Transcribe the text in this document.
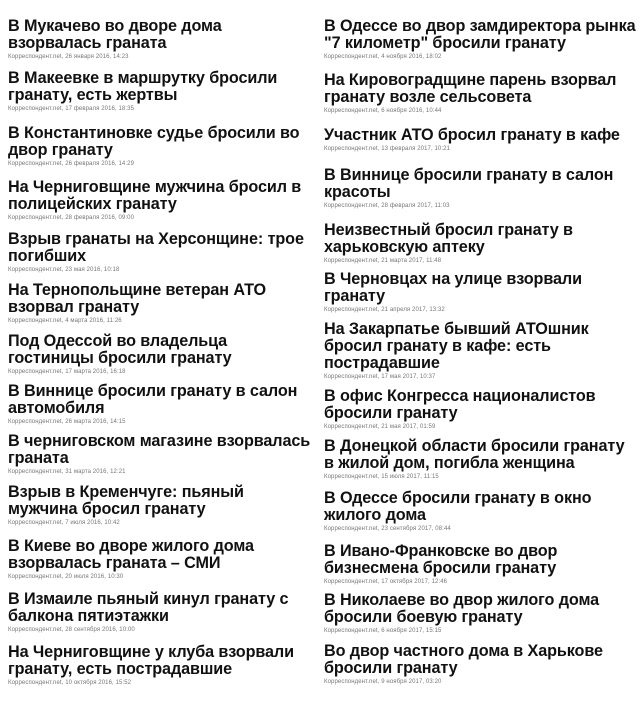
В Мукачево во дворе дома взорвалась граната
Корреспондент.net, 26 января 2016, 14:23
В Макеевке в маршрутку бросили гранату, есть жертвы
Корреспондент.net, 17 февраля 2016, 18:35
В Константиновке судье бросили во двор гранату
Корреспондент.net, 26 февраля 2016, 14:29
На Черниговщине мужчина бросил в полицейских гранату
Корреспондент.net, 28 февраля 2016, 09:00
Взрыв гранаты на Херсонщине: трое погибших
Корреспондент.net, 23 мая 2016, 10:18
На Тернопольщине ветеран АТО взорвал гранату
Корреспондент.net, 4 марта 2016, 11:26
Под Одессой во владельца гостиницы бросили гранату
Корреспондент.net, 17 марта 2016, 16:18
В Виннице бросили гранату в салон автомобиля
Корреспондент.net, 26 марта 2016, 14:15
В черниговском магазине взорвалась граната
Корреспондент.net, 31 марта 2016, 12:21
Взрыв в Кременчуге: пьяный мужчина бросил гранату
Корреспондент.net, 7 июля 2016, 10:42
В Киеве во дворе жилого дома взорвалась граната – СМИ
Корреспондент.net, 20 июля 2016, 10:30
В Измаиле пьяный кинул гранату с балкона пятиэтажки
Корреспондент.net, 28 сентября 2016, 10:00
На Черниговщине у клуба взорвали гранату, есть пострадавшие
Корреспондент.net, 10 октября 2016, 15:52
В Одессе во двор замдиректора рынка "7 километр" бросили гранату
Корреспондент.net, 4 ноября 2016, 18:02
На Кировоградщине парень взорвал гранату возле сельсовета
Корреспондент.net, 6 ноября 2016, 10:44
Участник АТО бросил гранату в кафе
Корреспондент.net, 13 февраля 2017, 10:21
В Виннице бросили гранату в салон красоты
Корреспондент.net, 28 февраля 2017, 11:03
Неизвестный бросил гранату в харьковскую аптеку
Корреспондент.net, 21 марта 2017, 11:48
В Черновцах на улице взорвали гранату
Корреспондент.net, 21 апреля 2017, 13:32
На Закарпатье бывший АТОшник бросил гранату в кафе: есть пострадавшие
Корреспондент.net, 17 мая 2017, 10:37
В офис Конгресса националистов бросили гранату
Корреспондент.net, 21 мая 2017, 01:59
В Донецкой области бросили гранату в жилой дом, погибла женщина
Корреспондент.net, 15 июля 2017, 11:15
В Одессе бросили гранату в окно жилого дома
Корреспондент.net, 23 сентября 2017, 08:44
В Ивано-Франковске во двор бизнесмена бросили гранату
Корреспондент.net, 17 октября 2017, 12:46
В Николаеве во двор жилого дома бросили боевую гранату
Корреспондент.net, 6 ноября 2017, 15:15
Во двор частного дома в Харькове бросили гранату
Корреспондент.net, 9 ноября 2017, 03:20
